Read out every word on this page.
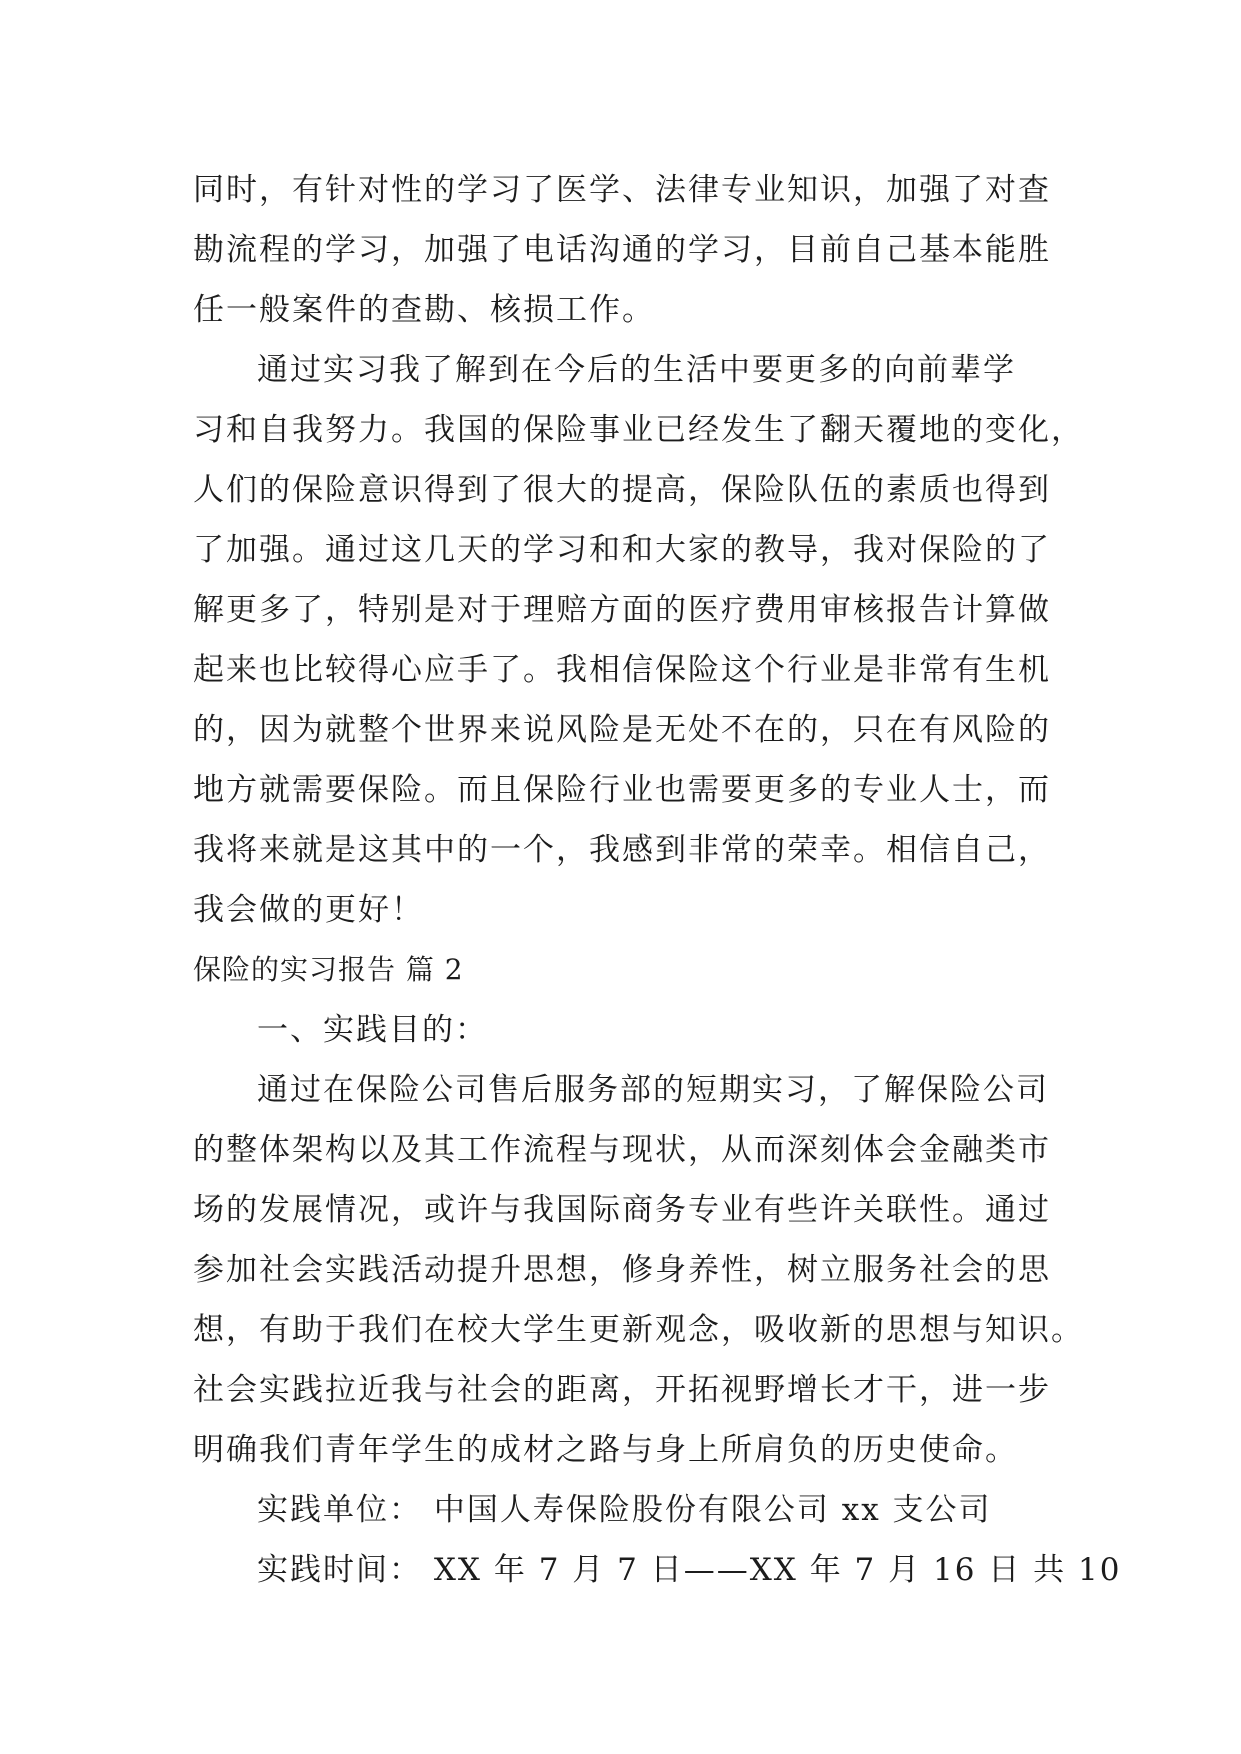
同时，有针对性的学习了医学、法律专业知识，加强了对查
勘流程的学习，加强了电话沟通的学习，目前自己基本能胜
任一般案件的查勘、核损工作。
通过实习我了解到在今后的生活中要更多的向前辈学
习和自我努力。我国的保险事业已经发生了翻天覆地的变化，
人们的保险意识得到了很大的提高，保险队伍的素质也得到
了加强。通过这几天的学习和和大家的教导，我对保险的了
解更多了，特别是对于理赔方面的医疗费用审核报告计算做
起来也比较得心应手了。我相信保险这个行业是非常有生机
的，因为就整个世界来说风险是无处不在的，只在有风险的
地方就需要保险。而且保险行业也需要更多的专业人士，而
我将来就是这其中的一个，我感到非常的荣幸。相信自己，
我会做的更好！
保险的实习报告 篇 2
一、实践目的：
通过在保险公司售后服务部的短期实习，了解保险公司
的整体架构以及其工作流程与现状，从而深刻体会金融类市
场的发展情况，或许与我国际商务专业有些许关联性。通过
参加社会实践活动提升思想，修身养性，树立服务社会的思
想，有助于我们在校大学生更新观念，吸收新的思想与知识。
社会实践拉近我与社会的距离，开拓视野增长才干，进一步
明确我们青年学生的成材之路与身上所肩负的历史使命。
实践单位： 中国人寿保险股份有限公司 xx 支公司
实践时间： XX 年 7 月 7 日——XX 年 7 月 16 日 共 10
